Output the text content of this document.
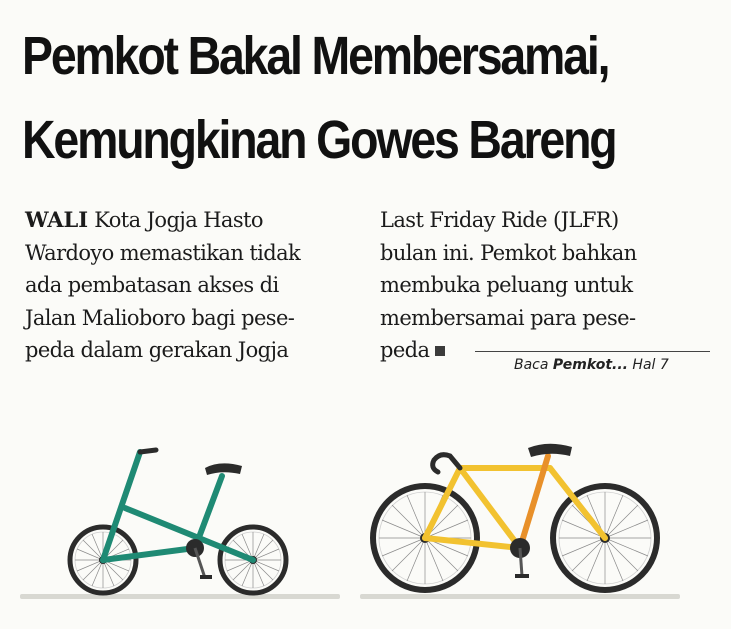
Pemkot Bakal Membersamai,
Kemungkinan Gowes Bareng
WALI Kota Jogja Hasto
Wardoyo memastikan tidak
ada pembatasan akses di
Jalan Malioboro bagi pese-
peda dalam gerakan Jogja
Last Friday Ride (JLFR)
bulan ini. Pemkot bahkan
membuka peluang untuk
membersamai para pese-
peda
Baca Pemkot... Hal 7
